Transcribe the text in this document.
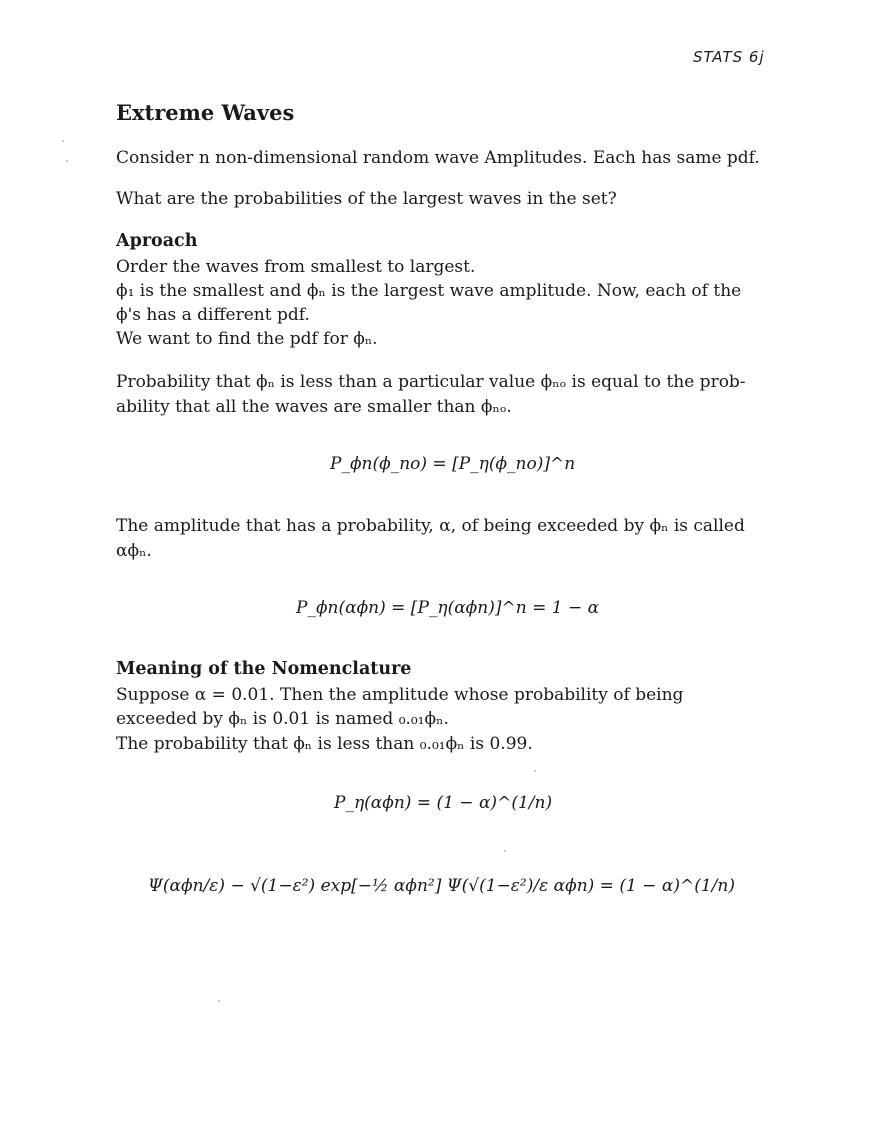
STATS 6j
Extreme Waves
Consider n non-dimensional random wave Amplitudes. Each has same pdf.
What are the probabilities of the largest waves in the set?
Aproach
Order the waves from smallest to largest.
ϕ₁ is the smallest and ϕₙ is the largest wave amplitude. Now, each of the
ϕ's has a different pdf.
We want to find the pdf for ϕₙ.
Probability that ϕₙ is less than a particular value ϕₙₒ is equal to the prob-
ability that all the waves are smaller than ϕₙₒ.
P_ϕn(ϕ_no) = [P_η(ϕ_no)]^n
The amplitude that has a probability, α, of being exceeded by ϕₙ is called
αϕₙ.
P_ϕn(αϕn) = [P_η(αϕn)]^n = 1 − α
Meaning of the Nomenclature
Suppose α = 0.01. Then the amplitude whose probability of being
exceeded by ϕₙ is 0.01 is named ₀.₀₁ϕₙ.
The probability that ϕₙ is less than ₀.₀₁ϕₙ is 0.99.
P_η(αϕn) = (1 − α)^(1/n)
Ψ(αϕn/ε) − √(1−ε²) exp[−½ αϕn²] Ψ(√(1−ε²)/ε αϕn) = (1 − α)^(1/n)
